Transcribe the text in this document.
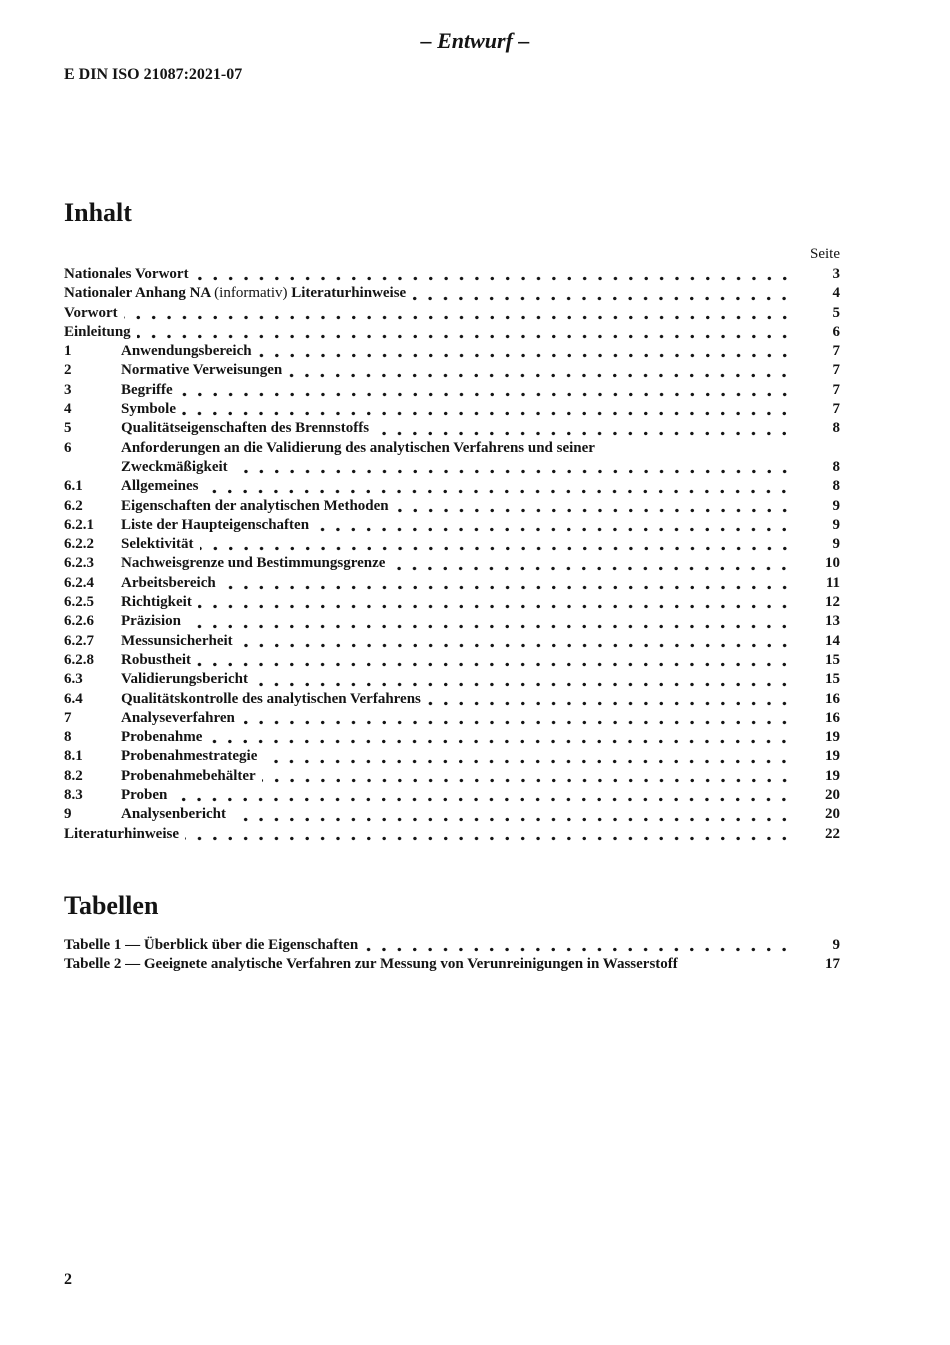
– Entwurf –
E DIN ISO 21087:2021-07
Inhalt
Seite
Nationales Vorwort	3
Nationaler Anhang NA (informativ) Literaturhinweise	4
Vorwort	5
Einleitung	6
1	Anwendungsbereich	7
2	Normative Verweisungen	7
3	Begriffe	7
4	Symbole	7
5	Qualitätseigenschaften des Brennstoffs	8
6	Anforderungen an die Validierung des analytischen Verfahrens und seiner
Zweckmäßigkeit	8
6.1	Allgemeines	8
6.2	Eigenschaften der analytischen Methoden	9
6.2.1	Liste der Haupteigenschaften	9
6.2.2	Selektivität	9
6.2.3	Nachweisgrenze und Bestimmungsgrenze	10
6.2.4	Arbeitsbereich	11
6.2.5	Richtigkeit	12
6.2.6	Präzision	13
6.2.7	Messunsicherheit	14
6.2.8	Robustheit	15
6.3	Validierungsbericht	15
6.4	Qualitätskontrolle des analytischen Verfahrens	16
7	Analyseverfahren	16
8	Probenahme	19
8.1	Probenahmestrategie	19
8.2	Probenahmebehälter	19
8.3	Proben	20
9	Analysenbericht	20
Literaturhinweise	22
Tabellen
Tabelle 1 — Überblick über die Eigenschaften	9
Tabelle 2 — Geeignete analytische Verfahren zur Messung von Verunreinigungen in Wasserstoff	17
2
